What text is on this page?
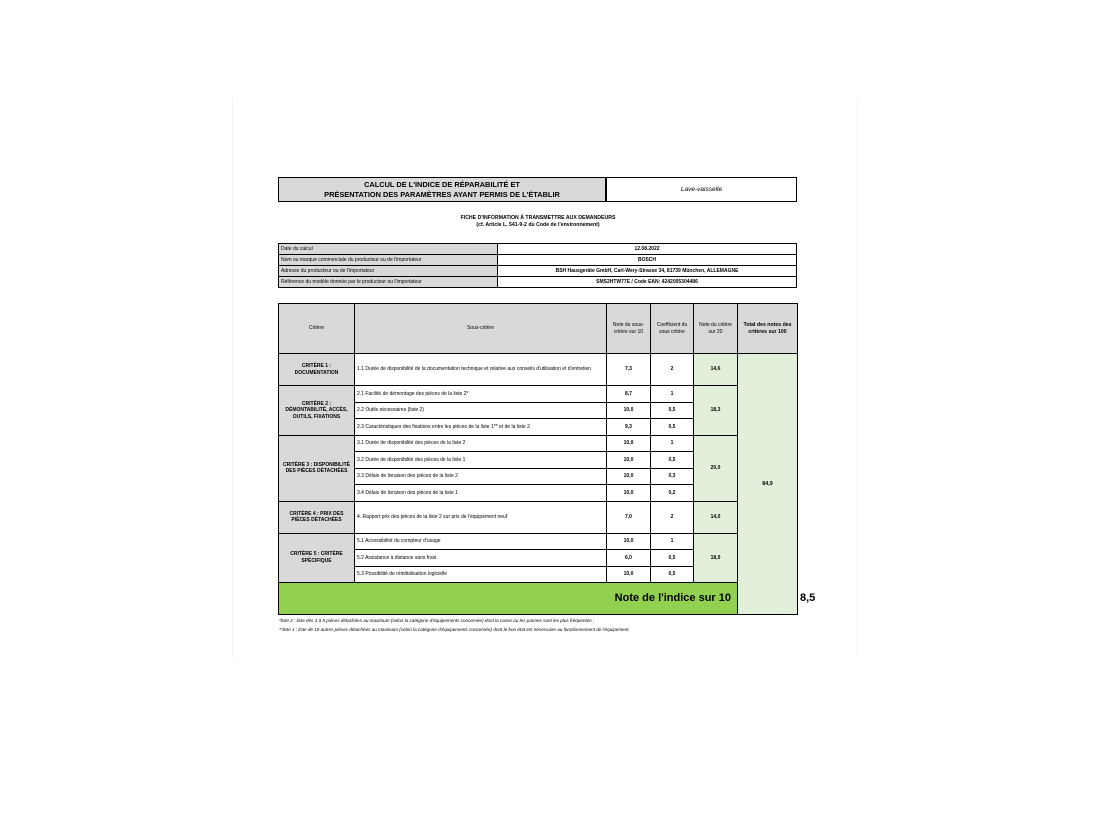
CALCUL DE L'INDICE DE RÉPARABILITÉ ET
PRÉSENTATION DES PARAMÈTRES AYANT PERMIS DE L'ÉTABLIR	Lave-vaisselle
FICHE D'INFORMATION À TRANSMETTRE AUX DEMANDEURS
(cf. Article L. 541-9-2 du Code de l'environnement)
Date du calcul	12.08.2022
Nom ou marque commerciale du producteur ou de l'importateur	BOSCH
Adresse du producteur ou de l'importateur	BSH Hausgeräte GmbH, Carl-Wery-Strasse 34, 81739 München, ALLEMAGNE
Référence du modèle donnée par le producteur ou l'importateur	SMS2HTW77E / Code EAN: 4242005304486
Critère	Sous-critère	Note du sous-critère sur 10	Coefficient du sous critère	Note du critère sur 20	Total des notes des critères sur 100	
CRITÈRE 1 : DOCUMENTATION	1.1 Durée de disponibilité de la documentation technique et relative aux conseils d'utilisation et d'entretien	7,3	2	14,6	84,9	
CRITÈRE 2 : DÉMONTABILITÉ, ACCÈS, OUTILS, FIXATIONS	2.1 Facilité de démontage des pièces de la liste 2*	8,7	1	18,3		
	2.2 Outils nécessaires (liste 2)	10,0	0,5			
	2.3 Caractéristiques des fixations entre les pièces de la liste 1** et de la liste 2	9,3	0,5			
CRITÈRE 3 : DISPONIBILITÉ DES PIÈCES DÉTACHÉES	3.1 Durée de disponibilité des pièces de la liste 2	10,0	1	20,0		
	3.2 Durée de disponibilité des pièces de la liste 1	10,0	0,5			
	3.3 Délais de livraison des pièces de la liste 2	10,0	0,3			
	3.4 Délais de livraison des pièces de la liste 1	10,0	0,2			
CRITÈRE 4 : PRIX DES PIÈCES DÉTACHÉES	4. Rapport prix des pièces de la liste 2 sur prix de l'équipement neuf	7,0	2	14,0		
CRITÈRE 5 : CRITÈRE SPÉCIFIQUE	5.1 Accessibilité du compteur d'usage	10,0	1	18,0		
	5.2 Assistance à distance sans frais	6,0	0,5			
	5.3 Possibilité de réinitialisation logicielle	10,0	0,5			
Note de l'indice sur 10						8,5
*liste 2 : liste des 3 à 5 pièces détachées au maximum (selon la catégorie d'équipements concernée) dont la casse ou les pannes sont les plus fréquentes ;
**liste 1 : liste de 10 autres pièces détachées au maximum (selon la catégorie d'équipements concernée) dont le bon état est nécessaire au fonctionnement de l'équipement.
